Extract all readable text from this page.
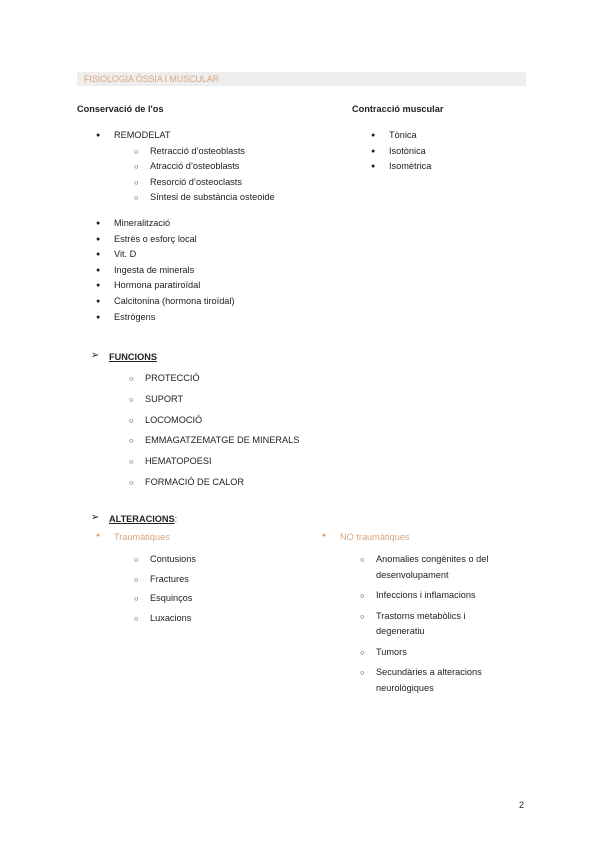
FISIOLOGIA ÒSSIA I MUSCULAR
Conservació de l'os
● REMODELAT
○ Retracció d’osteoblasts
○ Atracció d’osteoblasts
○ Resorció d’osteoclasts
○ Síntesi de substància osteoide
● Mineralització
● Estrès o esforç local
● Vit. D
● Ingesta de minerals
● Hormona paratiroïdal
● Calcitonina (hormona tiroïdal)
● Estrògens
Contracció muscular
● Tònica
● Isotònica
● Isomètrica
➢ FUNCIONS
○ PROTECCIÓ
○ SUPORT
○ LOCOMOCIÓ
○ EMMAGATZEMATGE DE MINERALS
○ HEMATOPOESI
○ FORMACIÓ DE CALOR
➢ ALTERACIONS:
● Traumàtiques
○ Contusions
○ Fractures
○ Esquinços
○ Luxacions
● NO traumàtiques
○ Anomalies congènites o del
desenvolupament
○ Infeccions i inflamacions
○ Trastorns metabòlics i
degeneratiu
○ Tumors
○ Secundàries a alteracions
neurològiques
2
